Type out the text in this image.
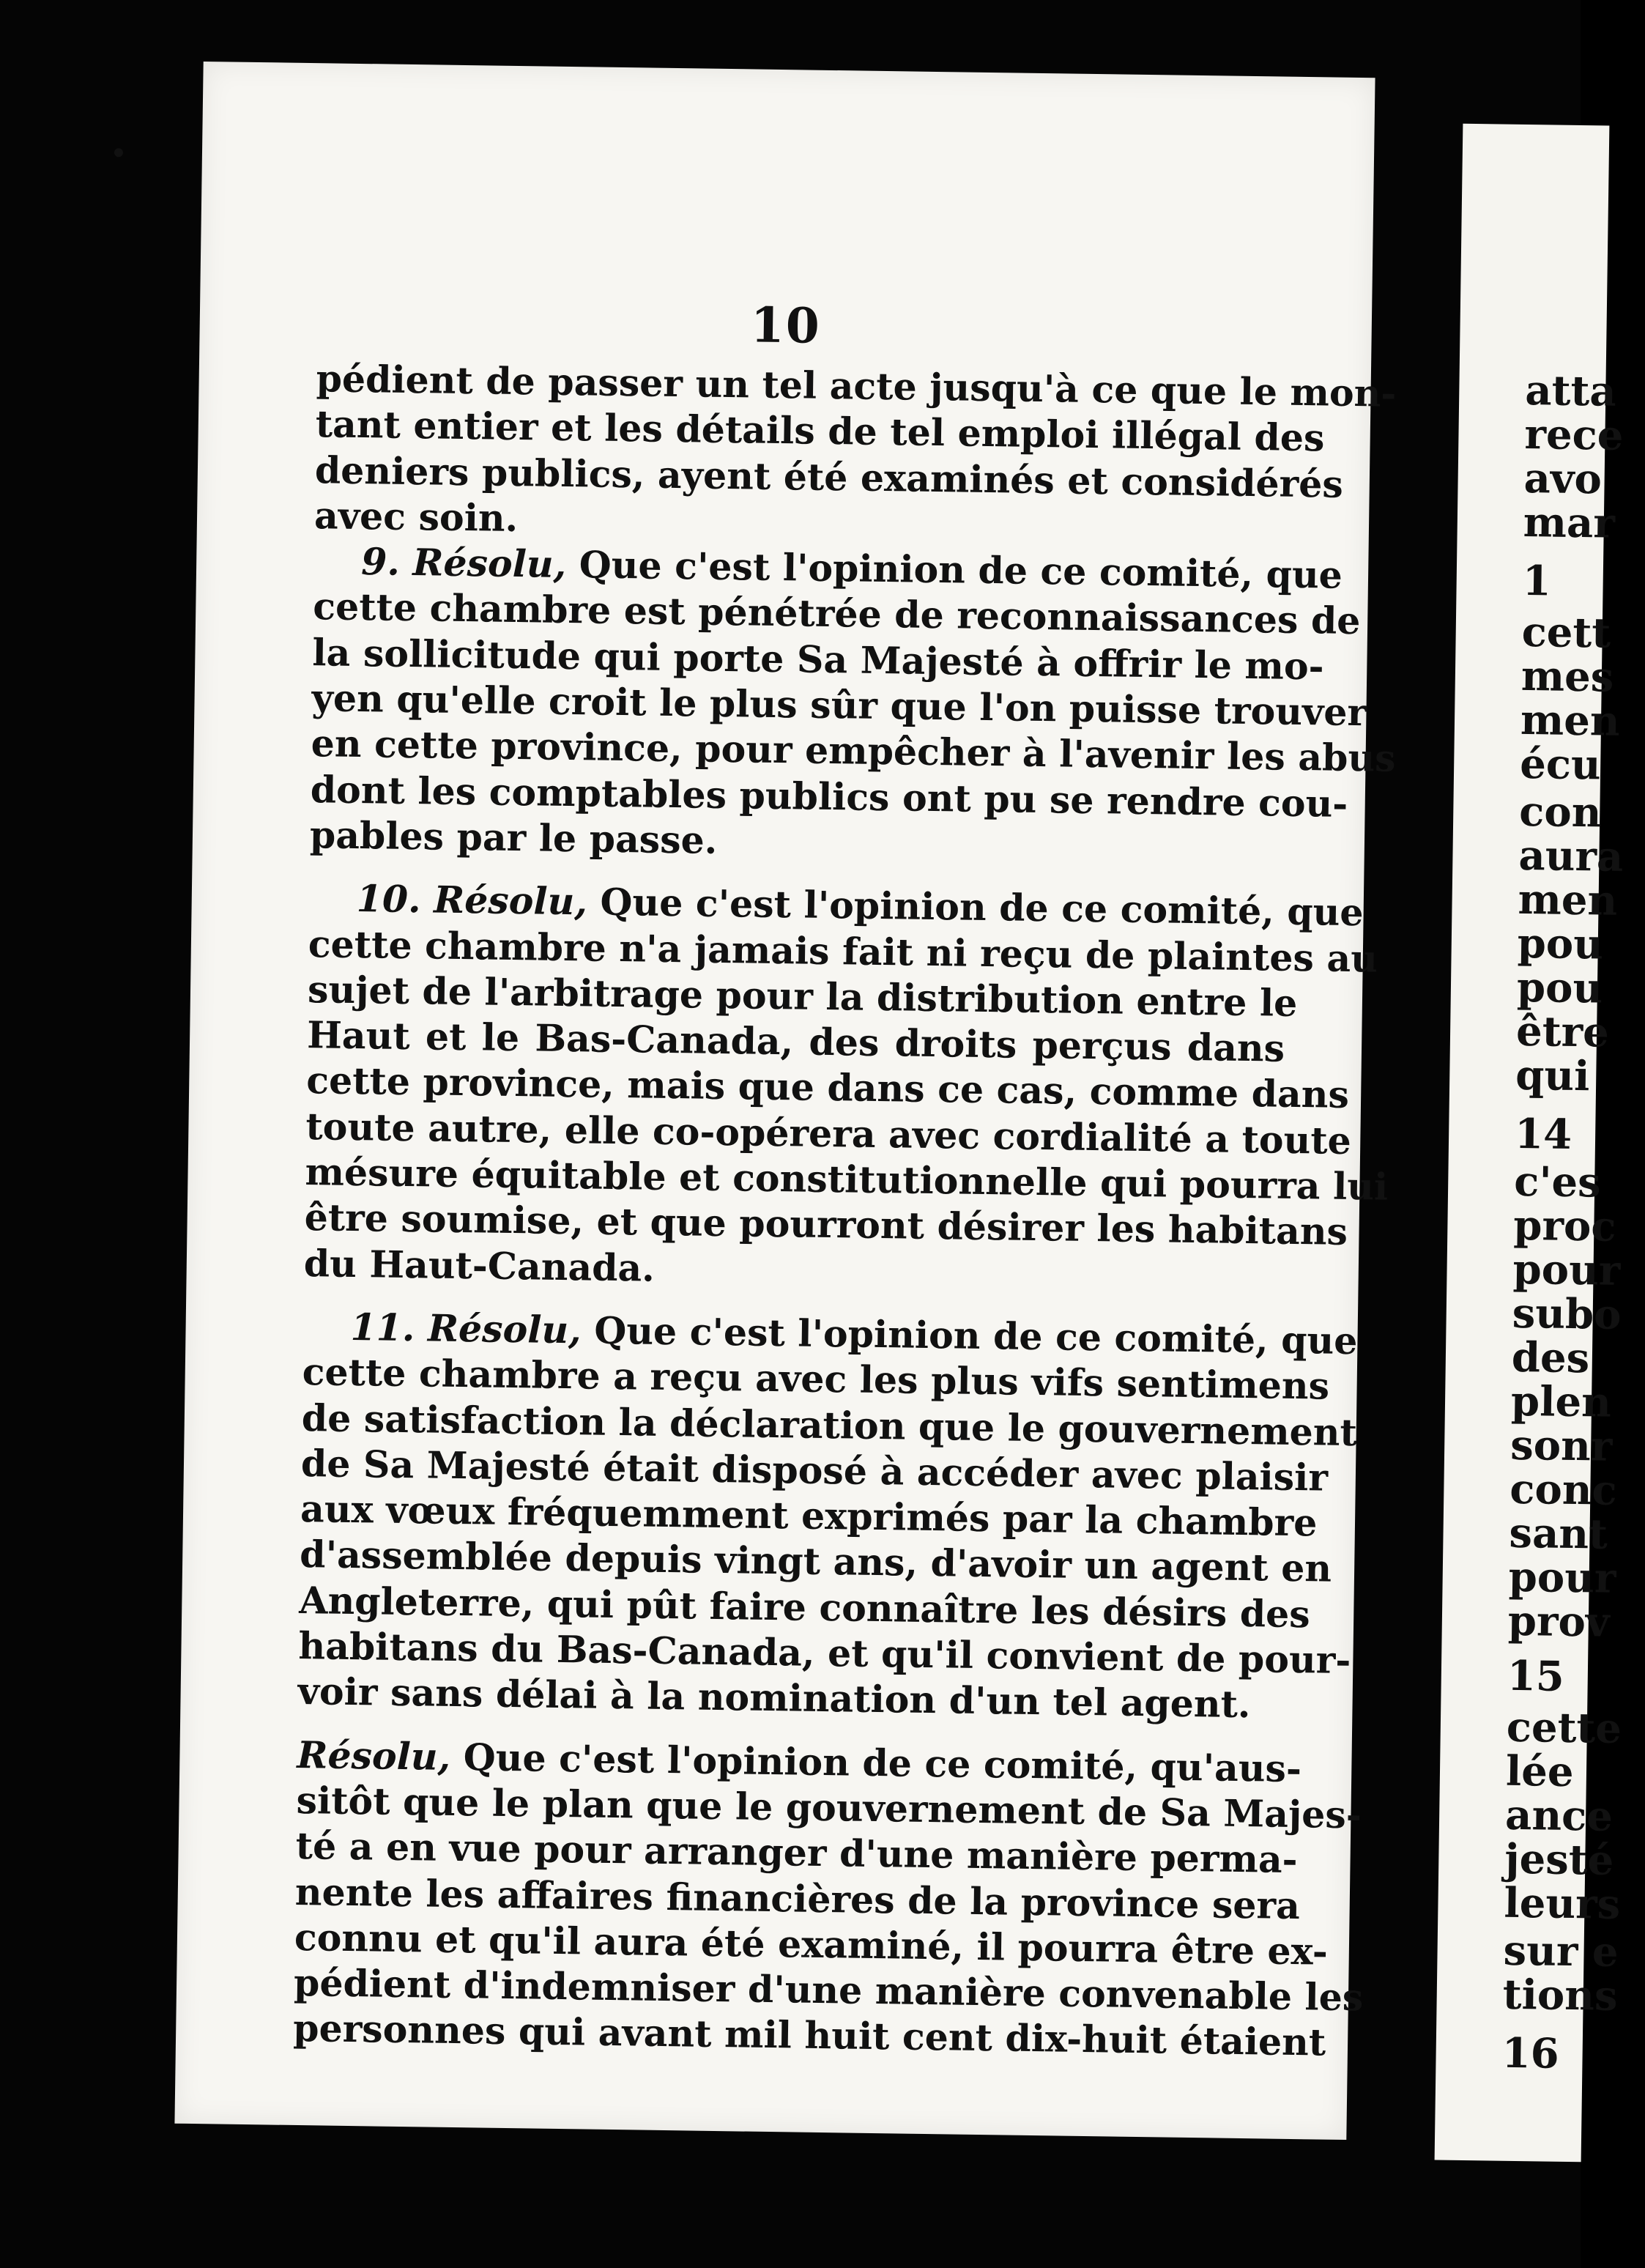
atta
rece
avo
mar
1
cett
mes
men
écu
con
aura
men
pou
pou
être
qui
14
c'es
proc
pour
subo
des
plen
sonr
conc
sant
pour
prov
15
cette
lée
ance
jesté
leurs
sur e
tions
16
10
pédient de passer un tel acte jusqu'à ce que le mon-
tant entier et les détails de tel emploi illégal des
deniers publics, ayent été examinés et considérés
avec soin.
9. Résolu, Que c'est l'opinion de ce comité, que
cette chambre est pénétrée de reconnaissances de
la sollicitude qui porte Sa Majesté à offrir le mo-
yen qu'elle croit le plus sûr que l'on puisse trouver
en cette province, pour empêcher à l'avenir les abus
dont les comptables publics ont pu se rendre cou-
pables par le passe.
10. Résolu, Que c'est l'opinion de ce comité, que
cette chambre n'a jamais fait ni reçu de plaintes au
sujet de l'arbitrage pour la distribution entre le
Haut et le Bas-Canada, des droits perçus dans
cette province, mais que dans ce cas, comme dans
toute autre, elle co-opérera avec cordialité a toute
mésure équitable et constitutionnelle qui pourra lui
être soumise, et que pourront désirer les habitans
du Haut-Canada.
11. Résolu, Que c'est l'opinion de ce comité, que
cette chambre a reçu avec les plus vifs sentimens
de satisfaction la déclaration que le gouvernement
de Sa Majesté était disposé à accéder avec plaisir
aux vœux fréquemment exprimés par la chambre
d'assemblée depuis vingt ans, d'avoir un agent en
Angleterre, qui pût faire connaître les désirs des
habitans du Bas-Canada, et qu'il convient de pour-
voir sans délai à la nomination d'un tel agent.
Résolu, Que c'est l'opinion de ce comité, qu'aus-
sitôt que le plan que le gouvernement de Sa Majes-
té a en vue pour arranger d'une manière perma-
nente les affaires financières de la province sera
connu et qu'il aura été examiné, il pourra être ex-
pédient d'indemniser d'une manière convenable les
personnes qui avant mil huit cent dix-huit étaient
